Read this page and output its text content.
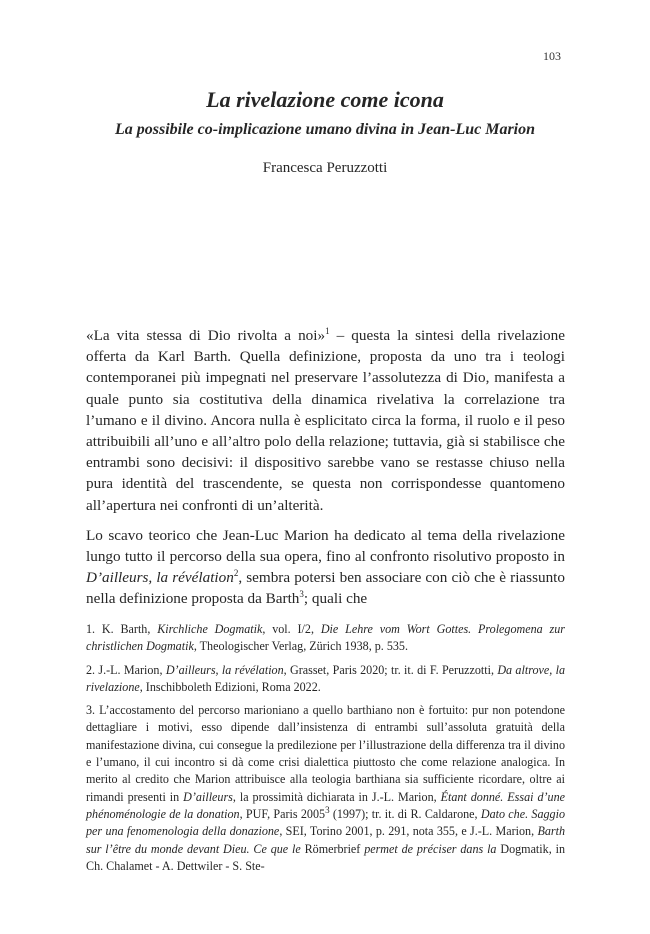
103
La rivelazione come icona
La possibile co-implicazione umano divina in Jean-Luc Marion
Francesca Peruzzotti

«La vita stessa di Dio rivolta a noi»$^1$ – questa la sintesi della rivelazione offerta da Karl Barth. Quella definizione, proposta da uno tra i teologi contemporanei più impegnati nel preservare l’assolutezza di Dio, manifesta a quale punto sia costitutiva della dinamica rivelativa la correlazione tra l’umano e il divino. Ancora nulla è esplicitato circa la forma, il ruolo e il peso attribuibili all’uno e all’altro polo della relazione; tuttavia, già si stabilisce che entrambi sono decisivi: il dispositivo sarebbe vano se restasse chiuso nella pura identità del trascendente, se questa non corrispondesse quantomeno all’apertura nei confronti di un’alterità.

Lo scavo teorico che Jean-Luc Marion ha dedicato al tema della rivelazione lungo tutto il percorso della sua opera, fino al confronto risolutivo proposto in D’ailleurs, la révélation$^2$, sembra potersi ben associare con ciò che è riassunto nella definizione proposta da Barth$^3$; quali che

1. K. Barth, Kirchliche Dogmatik, vol. I/2, Die Lehre vom Wort Gottes. Prolegomena zur christlichen Dogmatik, Theologischer Verlag, Zürich 1938, p. 535.

2. J.-L. Marion, D’ailleurs, la révélation, Grasset, Paris 2020; tr. it. di F. Peruzzotti, Da altrove, la rivelazione, Inschibboleth Edizioni, Roma 2022.

3. L’accostamento del percorso marioniano a quello barthiano non è fortuito: pur non potendone dettagliare i motivi, esso dipende dall’insistenza di entrambi sull’assoluta gratuità della manifestazione divina, cui consegue la predilezione per l’illustrazione della differenza tra il divino e l’umano, il cui incontro si dà come crisi dialettica piuttosto che come relazione analogica. In merito al credito che Marion attribuisce alla teologia barthiana sia sufficiente ricordare, oltre ai rimandi presenti in D’ailleurs, la prossimità dichiarata in J.-L. Marion, Étant donné. Essai d’une phénoménologie de la donation, PUF, Paris 2005$^3$ (1997); tr. it. di R. Caldarone, Dato che. Saggio per una fenomenologia della donazione, SEI, Torino 2001, p. 291, nota 355, e J.-L. Marion, Barth sur l’être du monde devant Dieu. Ce que le Römerbrief permet de préciser dans la Dogmatik, in Ch. Chalamet - A. Dettwiler - S. Ste-
